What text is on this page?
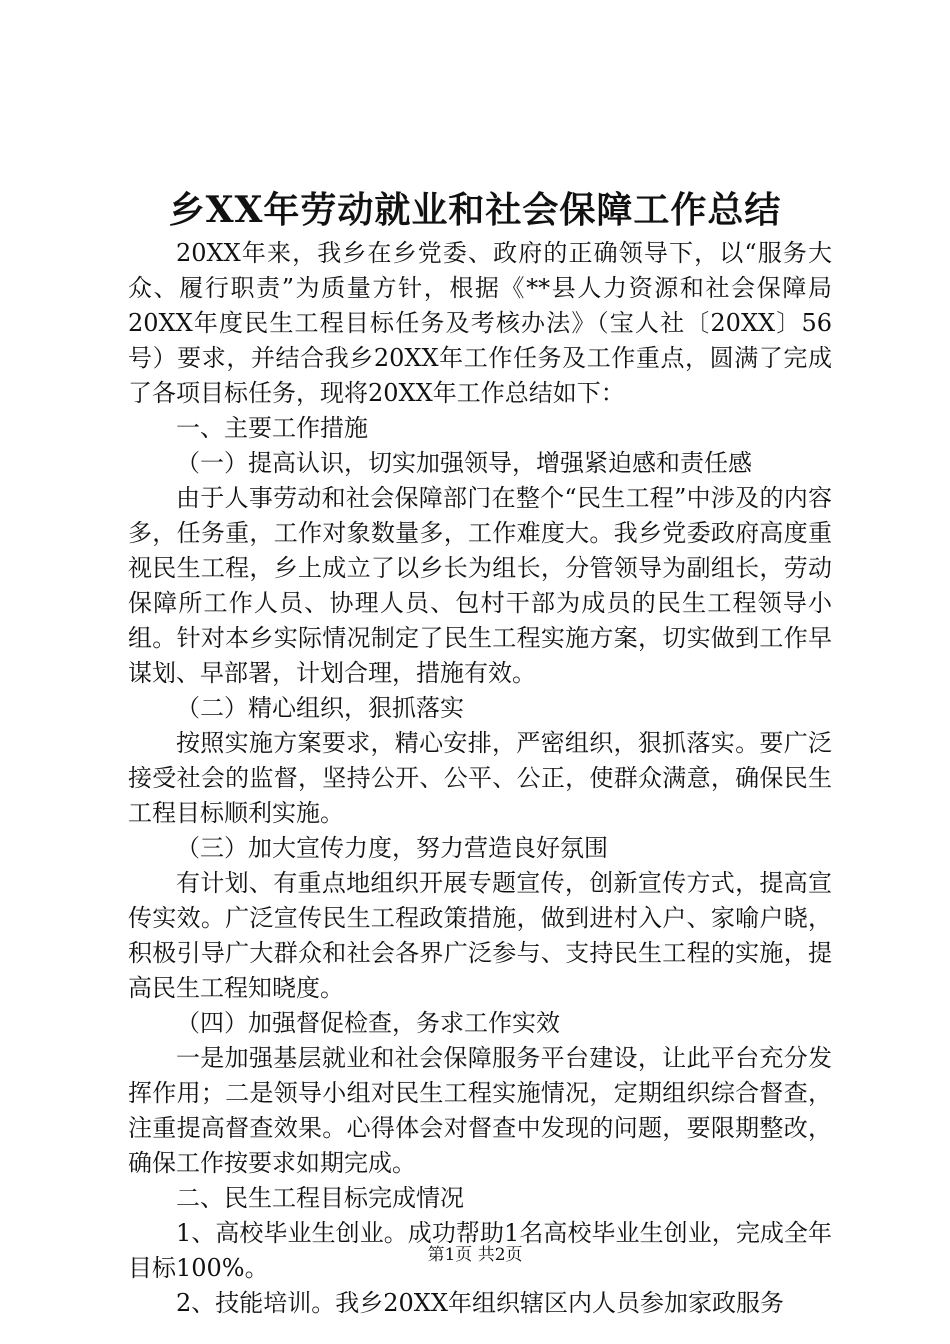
乡XX年劳动就业和社会保障工作总结

20XX年来，我乡在乡党委、政府的正确领导下，以“服务大众、履行职责”为质量方针，根据《**县人力资源和社会保障局20XX年度民生工程目标任务及考核办法》（宝人社〔20XX〕56号）要求，并结合我乡20XX年工作任务及工作重点，圆满了完成了各项目标任务，现将20XX年工作总结如下：

一、主要工作措施

（一）提高认识，切实加强领导，增强紧迫感和责任感

由于人事劳动和社会保障部门在整个“民生工程”中涉及的内容多，任务重，工作对象数量多，工作难度大。我乡党委政府高度重视民生工程，乡上成立了以乡长为组长，分管领导为副组长，劳动保障所工作人员、协理人员、包村干部为成员的民生工程领导小组。针对本乡实际情况制定了民生工程实施方案，切实做到工作早谋划、早部署，计划合理，措施有效。

（二）精心组织，狠抓落实

按照实施方案要求，精心安排，严密组织，狠抓落实。要广泛接受社会的监督，坚持公开、公平、公正，使群众满意，确保民生工程目标顺利实施。

（三）加大宣传力度，努力营造良好氛围

有计划、有重点地组织开展专题宣传，创新宣传方式，提高宣传实效。广泛宣传民生工程政策措施，做到进村入户、家喻户晓，积极引导广大群众和社会各界广泛参与、支持民生工程的实施，提高民生工程知晓度。

（四）加强督促检查，务求工作实效

一是加强基层就业和社会保障服务平台建设，让此平台充分发挥作用；二是领导小组对民生工程实施情况，定期组织综合督查，注重提高督查效果。心得体会对督查中发现的问题，要限期整改，确保工作按要求如期完成。

二、民生工程目标完成情况

1、高校毕业生创业。成功帮助1名高校毕业生创业，完成全年目标100%。

2、技能培训。我乡20XX年组织辖区内人员参加家政服务

第1页 共2页
